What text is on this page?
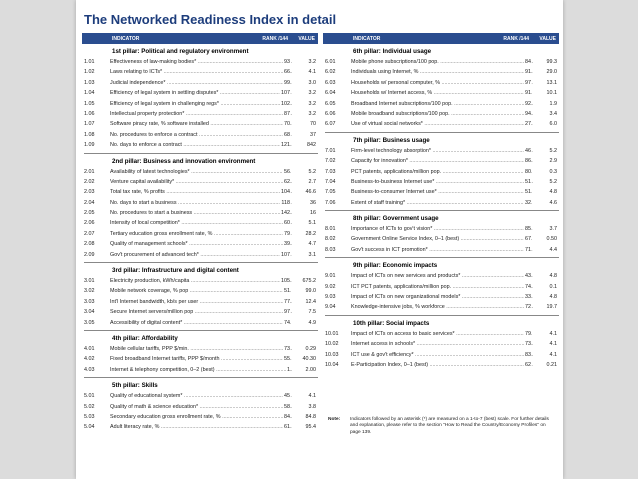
The Networked Readiness Index in detail
INDICATOR	RANK /144 VALUE
1st pillar: Political and regulatory environment
1.01	Effectiveness of law-making bodies* .....	93	3.2
1.02	Laws relating to ICTs* .....	66	4.1
1.03	Judicial independence* .....	99	3.0
1.04	Efficiency of legal system in settling disputes* .....	107	3.2
1.05	Efficiency of legal system in challenging regs* .....	102	3.2
1.06	Intellectual property protection* .....	87	3.2
1.07	Software piracy rate, % software installed .....	70	70
1.08	No. procedures to enforce a contract .....	68	37
1.09	No. days to enforce a contract .....	121	842
2nd pillar: Business and innovation environment
2.01	Availability of latest technologies* .....	56	5.2
2.02	Venture capital availability* .....	62	2.7
2.03	Total tax rate, % profits .....	104	46.6
2.04	No. days to start a business .....	118	36
2.05	No. procedures to start a business .....	142	16
2.06	Intensity of local competition* .....	60	5.1
2.07	Tertiary education gross enrollment rate, % .....	79	28.2
2.08	Quality of management schools* .....	39	4.7
2.09	Gov't procurement of advanced tech* .....	107	3.1
3rd pillar: Infrastructure and digital content
3.01	Electricity production, kWh/capita .....	105	675.2
3.02	Mobile network coverage, % pop .....	51	99.0
3.03	Int'l Internet bandwidth, kb/s per user .....	77	12.4
3.04	Secure Internet servers/million pop .....	97	7.5
3.05	Accessibility of digital content* .....	74	4.9
4th pillar: Affordability
4.01	Mobile cellular tariffs, PPP $/min. .....	73	0.29
4.02	Fixed broadband Internet tariffs, PPP $/month .....	55	40.30
4.03	Internet & telephony competition, 0–2 (best) .....	1	2.00
5th pillar: Skills
5.01	Quality of educational system* .....	45	4.1
5.02	Quality of math & science education* .....	58	3.8
5.03	Secondary education gross enrollment rate, % .....	84	84.8
5.04	Adult literacy rate, % .....	61	95.4
INDICATOR	RANK /144 VALUE
6th pillar: Individual usage
6.01	Mobile phone subscriptions/100 pop. .....	84	99.3
6.02	Individuals using Internet, % .....	91	29.0
6.03	Households w/ personal computer, % .....	97	13.1
6.04	Households w/ Internet access, % .....	91	10.1
6.05	Broadband Internet subscriptions/100 pop. .....	92	1.9
6.06	Mobile broadband subscriptions/100 pop. .....	94	3.4
6.07	Use of virtual social networks* .....	27	6.0
7th pillar: Business usage
7.01	Firm-level technology absorption* .....	46	5.2
7.02	Capacity for innovation* .....	86	2.9
7.03	PCT patents, applications/million pop. .....	80	0.3
7.04	Business-to-business Internet use* .....	51	5.2
7.05	Business-to-consumer Internet use* .....	51	4.8
7.06	Extent of staff training* .....	32	4.6
8th pillar: Government usage
8.01	Importance of ICTs to gov't vision* .....	85	3.7
8.02	Government Online Service Index, 0–1 (best) .....	67	0.50
8.03	Gov't success in ICT promotion* .....	71	4.4
9th pillar: Economic impacts
9.01	Impact of ICTs on new services and products* .....	43	4.8
9.02	ICT PCT patents, applications/million pop. .....	74	0.1
9.03	Impact of ICTs on new organizational models* .....	33	4.8
9.04	Knowledge-intensive jobs, % workforce .....	72	19.7
10th pillar: Social impacts
10.01 Impact of ICTs on access to basic services* .....	79	4.1
10.02 Internet access in schools* .....	73	4.1
10.03 ICT use & gov't efficiency* .....	83	4.1
10.04 E-Participation Index, 0–1 (best) .....	62	0.21
Note: Indicators followed by an asterisk (*) are measured on a 1-to-7 (best) scale. For further details and explanation, please refer to the section "How to Read the Country/Economy Profiles" on page 139.
